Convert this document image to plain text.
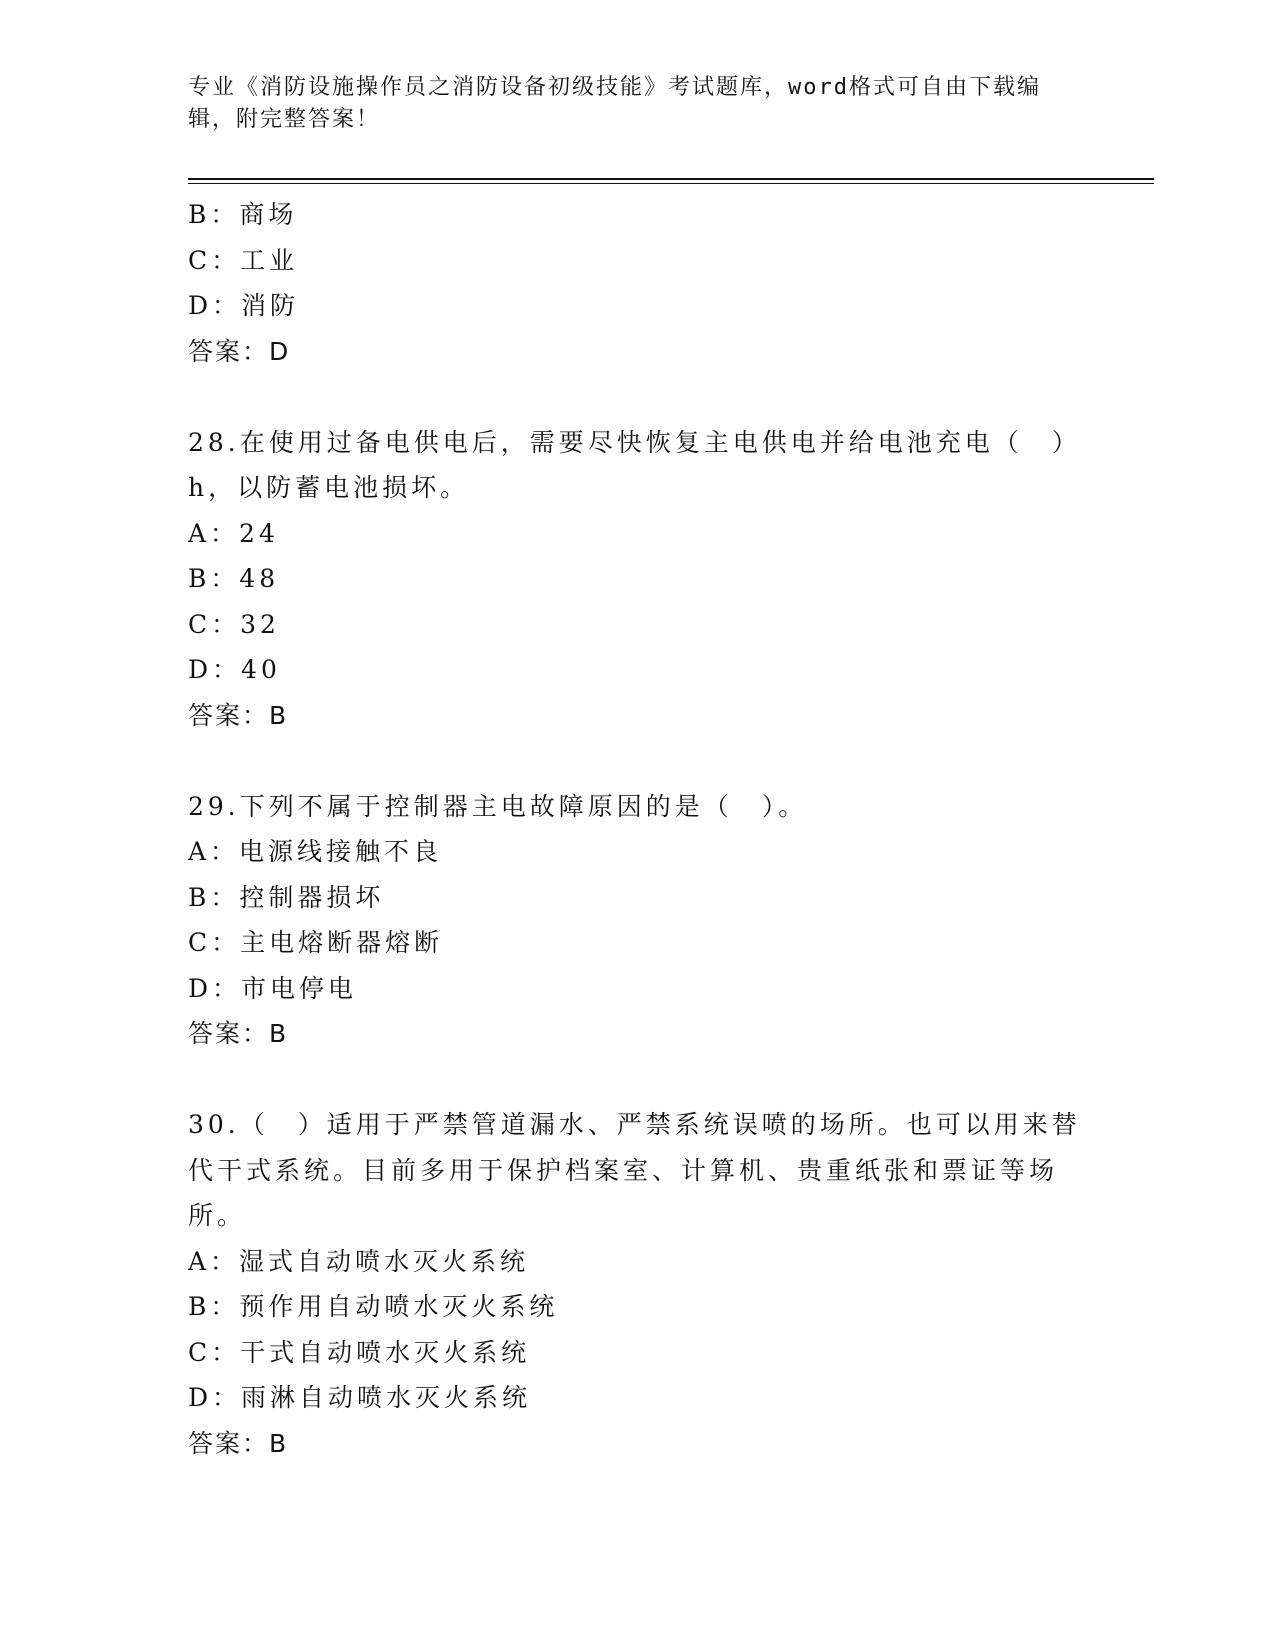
专业《消防设施操作员之消防设备初级技能》考试题库，word格式可自由下载编辑，附完整答案！
B：商场
C：工业
D：消防
答案：D
28.在使用过备电供电后，需要尽快恢复主电供电并给电池充电（　）h，以防蓄电池损坏。
A：24
B：48
C：32
D：40
答案：B
29.下列不属于控制器主电故障原因的是（　）。
A：电源线接触不良
B：控制器损坏
C：主电熔断器熔断
D：市电停电
答案：B
30.（　）适用于严禁管道漏水、严禁系统误喷的场所。也可以用来替代干式系统。目前多用于保护档案室、计算机、贵重纸张和票证等场所。
A：湿式自动喷水灭火系统
B：预作用自动喷水灭火系统
C：干式自动喷水灭火系统
D：雨淋自动喷水灭火系统
答案：B
